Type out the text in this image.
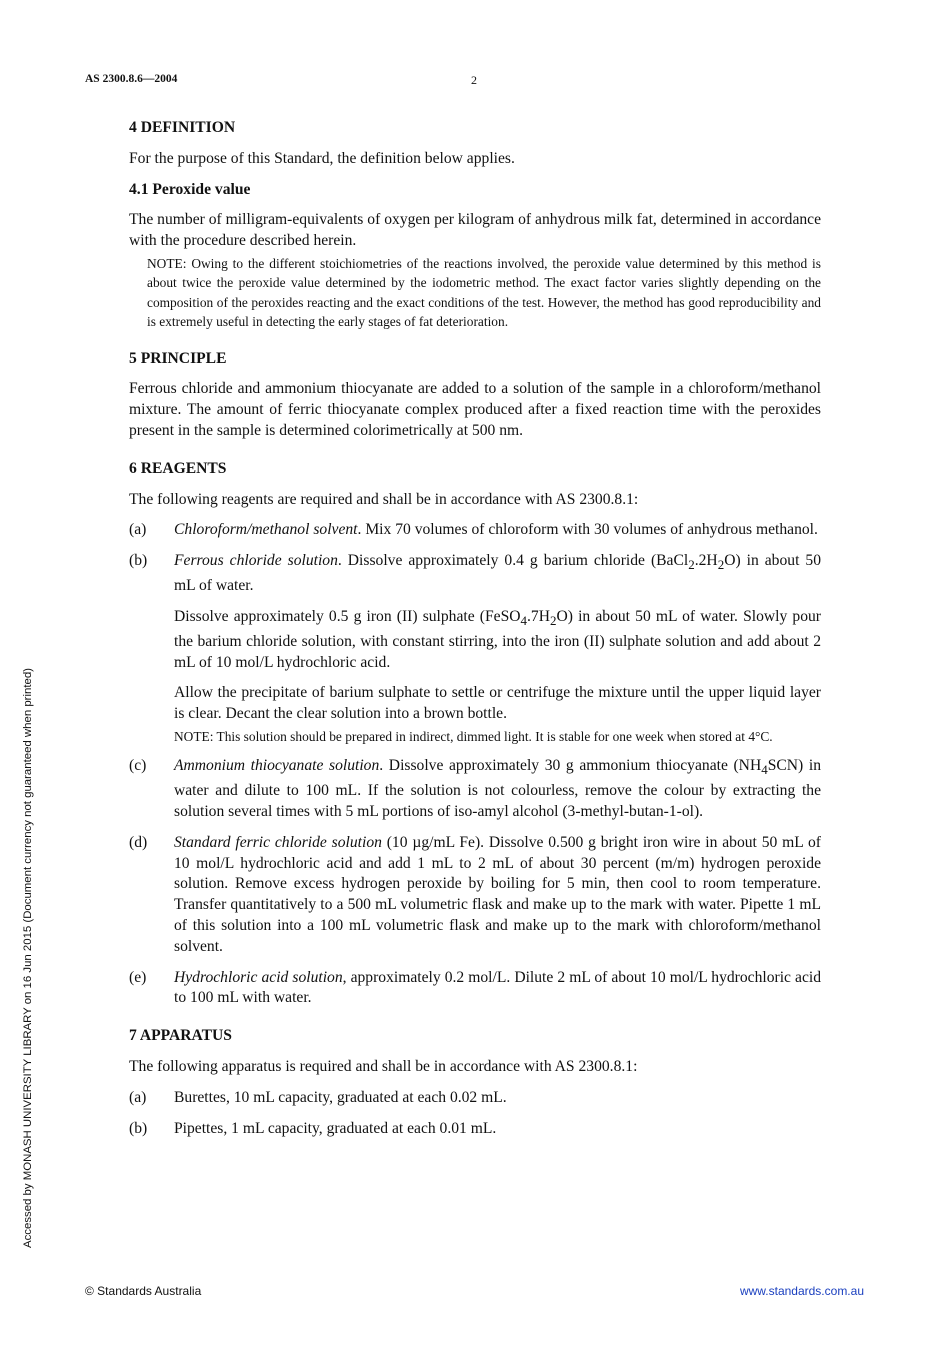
AS 2300.8.6—2004	2
4 DEFINITION

For the purpose of this Standard, the definition below applies.

4.1 Peroxide value

The number of milligram-equivalents of oxygen per kilogram of anhydrous milk fat, determined in accordance with the procedure described herein.

NOTE: Owing to the different stoichiometries of the reactions involved, the peroxide value determined by this method is about twice the peroxide value determined by the iodometric method. The exact factor varies slightly depending on the composition of the peroxides reacting and the exact conditions of the test. However, the method has good reproducibility and is extremely useful in detecting the early stages of fat deterioration.

5 PRINCIPLE

Ferrous chloride and ammonium thiocyanate are added to a solution of the sample in a chloroform/methanol mixture. The amount of ferric thiocyanate complex produced after a fixed reaction time with the peroxides present in the sample is determined colorimetrically at 500 nm.

6 REAGENTS

The following reagents are required and shall be in accordance with AS 2300.8.1:

(a)	Chloroform/methanol solvent. Mix 70 volumes of chloroform with 30 volumes of anhydrous methanol.

(b)	Ferrous chloride solution. Dissolve approximately 0.4 g barium chloride $(BaCl_2.2H_2O)$ in about 50 mL of water.

Dissolve approximately 0.5 g iron (II) sulphate $(FeSO_4.7H_2O)$ in about 50 mL of water. Slowly pour the barium chloride solution, with constant stirring, into the iron (II) sulphate solution and add about 2 mL of 10 mol/L hydrochloric acid.

Allow the precipitate of barium sulphate to settle or centrifuge the mixture until the upper liquid layer is clear. Decant the clear solution into a brown bottle.

NOTE: This solution should be prepared in indirect, dimmed light. It is stable for one week when stored at 4°C.

(c)	Ammonium thiocyanate solution. Dissolve approximately 30 g ammonium thiocyanate $(NH_4SCN)$ in water and dilute to 100 mL. If the solution is not colourless, remove the colour by extracting the solution several times with 5 mL portions of iso-amyl alcohol (3-methyl-butan-1-ol).

(d)	Standard ferric chloride solution (10 µg/mL Fe). Dissolve 0.500 g bright iron wire in about 50 mL of 10 mol/L hydrochloric acid and add 1 mL to 2 mL of about 30 percent (m/m) hydrogen peroxide solution. Remove excess hydrogen peroxide by boiling for 5 min, then cool to room temperature. Transfer quantitatively to a 500 mL volumetric flask and make up to the mark with water. Pipette 1 mL of this solution into a 100 mL volumetric flask and make up to the mark with chloroform/methanol solvent.

(e)	Hydrochloric acid solution, approximately 0.2 mol/L. Dilute 2 mL of about 10 mol/L hydrochloric acid to 100 mL with water.

7 APPARATUS

The following apparatus is required and shall be in accordance with AS 2300.8.1:

(a)	Burettes, 10 mL capacity, graduated at each 0.02 mL.

(b)	Pipettes, 1 mL capacity, graduated at each 0.01 mL.

Accessed by MONASH UNIVERSITY LIBRARY on 16 Jun 2015 (Document currency not guaranteed when printed)
© Standards Australia	www.standards.com.au
